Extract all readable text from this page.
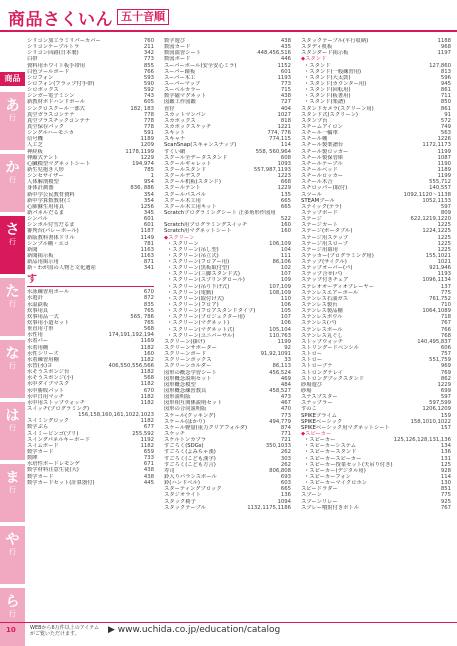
商品さくいん 五十音順
商品
あ
行
か
行
さ
行
た
行
な
行
は
行
ま
行
や
行
ら
行
シリコン加工ラミリパーカバー	760
シリコンケーブルトラ	211
シリコン回路(日本製)	342
白帯	773
資料用ホワイト板手帯用	855
白色ツールボード	766
シロフォン	593
シロフォン(フラップ付手帯)	590
シロボックス	592
シンガー電子ミシン	743
新教材ボドハンドボール	605
シンクロスクール一部式	182, 183
真空ガラスコンテナ	778
真空プラスチックコンテナ	778
真空保存パック	778
シングルハーモニカ	591
信号機	1189
人工芝	1209
神経板	1178,1199
伸縮式テント	1229
心臓模型マグネットシート	194,974
新生児抱き人形	785
シンセサイザー	1
人体解剖模型	954
身体計測器	836, 886
新中学公民教育資料	354
新中学算数教材(ミ	354
心肺蘇生用用具	1256
新パネルだるま	345
シンバル	601
シンボル付雪だるま	601
審判台(バレーボール)	1187
新版教科書体ドリル	1149
シンプル棚・エコ	781
新聞	1163
新聞掲示板	1163
新品用掲示用	871
新・わが国の人物と文化遺産	341
す
水泳練習用ボール	670
水遊計	872
水温鉄板	835
炊事用具	765
炊事用品一式	565, 786
炊事用小道セット	765
垂直用寸形	568
水性用	174,191,192,194
水着バー	1169
水着用棚	1182
水性シリーズ	160
水着練習用棚	1182
水替(水)ヨ	406,550,556,566
水そうスポンジ台	1182
水そうスポンジ(小)	568
水中ダイブマスク	1182
水中勝敗バット	670
水中日用マッチ	1182
水中用ストップウォッチ	1182
スイッチ(プログラミング)
156,158,160,161,1022,1023
スイミングロック	1182
数字ぶら	677
スイミービンゴ(プリ)	255,592
スイングパネルキーボード	1192
スイムボード	1182
数学カード	659
数陣	733
水培性ボードレモンゲ	671
数学材料注意生徒(大)	438
数学カード	438
数学カードセット(計算器付)	445
数字遊び	438
数図カード	435
数図演習シート	448,456,516
数図ボード	446
スーパーボール(安全安心ミラ)	1152
スーパー鏡板	601
スーパー木工	1193
スーパーマップ	773
スーペルカラー	715
数字磁マグネット	438
図鑑工作図鑑	727
直径	404
スカットマンパン	1027
スカポックス	818
スカポックスケッチ	1221
スキット	774, 776
スキャナ	774,115
ScanSnap(スキャンスナップ)	114
すくい網	558, 560,964
スクール全データスタンド	608
スクールギャレット	1093
スクールスタンド	557,987,1193
スクールデスク	1223
スクール机板(スタンド)	668
スクールテント	1229
スクールパスパル	135
スクール木工用	665
スクール木工用キット	665
Scratchプログラミングシート 正多角形作図用
522
Scratch用プログラミングスイッチ	160
Scratch用マグネットシート	160
◆スクリーン
・スクリーン	106,109
・スクリーン(吊し型)	104
・スクリーン(吊立式)	111
・スクリーン(フロアー用)	86,106
・スクリーン(黒板取付型)	102
・スクリーン(三脚スタンド式)	107
・スクリーン(スプリングロール)	109
・スクリーン(吊り下げ式)	107,109
・スクリーン(電動)	108,109
・スクリーン(取付け式)	110
・スクリーン(フロア)	106
・スクリーン(フロアスタンドタイプ)	105
・スクリーン(プロジェクター用)	107
・スクリーン(マグネット)	106
・スクリーン(マグネット式)	105,104
・スクリーン(ユニバーサル)	110,763
スクリーン(掛け)	1199
スクリーンサポーター	92
スクリーンボード	91,92,1091
スクリーンボックス	33
スクリーンホルダー	86,113
図形の概念学習シート	456,524
図形概念説明セット	469
図形概念模型	484
図形概念練習教具	458,527
図形説明版	473
図形相互関係説明セット	467
図形の合同説明版	470
スケール(クッキング)	773
スケール(はかり)	494,779
スケール軽量(重力クリアフォルダ)	874
スケッチ	771
スケルトンカプラ	721
すごろく(SDGs)	350,1033
すごろく(よみちゃ漢)	262
すごろく(こども漢字)	303
すごろく(こども方言)	262
寿司	806,808
鈴入りバランスボール	693
鈴(ハンドベル)	603
スターティングブロック	665
スタジオライト	136
スタック椅子	1094
スタックテーブル	1132,1175,1186
スタックテーブル(平行収納)	1188
スタディ机板	968
スタンダード掲示板	1197
◆スタンド
・スタンド	127,860
・スタンド(一般練習用)	813
・スタンド(大太鼓)	596
・スタンド(カウンター用)	945
・スタンド(回転用)	861
・スタンド(板書用)	711
・スタンド(楽譜)	850
スタンドカメラ(スクリーン用)	861
スタンド式(スクリーン)	91
スタンプ台	572
スチームアイロン	749
スチール一輪車	563
スチール棚	1226
スチール製楽譜台	1172,1173
スチール製ロッカー	1199
スチール製保管庫	1087
スチールテーブル	1190
スチールベッド	1189
スチールロッカー	1199
スチール木合	555,712
スチロッパー(取付)	140,557
スツール	1092,1120～1138
STEAMブール	1052,1133
ステイック(テラ)	597
ステップボード	809
ステージ	622,1219,1220
ステージカート	1225
ステージ(ポータブル)	1224,1225
ステージ用ステップ	1225
ステージ用スロープ	1225
ステージ用幕用	1225
ステッカー(プログラミング用)	155,1021
ステップ(サイクル)	1021
ステップオーバー(パ)	921,946
ステップ合せ(パ)	1193
ステップ付きチェア	1096,1134
ステレオオーディオプレーヤー	137
ステンレスエアーボール	775
ステンレス石油ガス	761,752
ステンレス製台	710
ステンレス製品棚	1064,1089
ステンレスボウル	718
ステンレス(パ)	767
ステンレスボール	766
ステンレス丸ぐし	768
ストップウォッチ	140,495,837
ストリングードペンシル	606
ストロー	757
ストロー	551,759
ストローブナ	969
ストロングテレイ	769
ストロングブックスタンド	862
砂場遊び	1229
砂場	699
スナスプスター	597
スナップラー	597,599
すのこ	1206,1209
SPIKEプライム	159
SPIKEベーシック	158,1010,1022
SPIKEベーシック用マグネットシート	157
◆スピーカー
・スピーカー	125,126,128,131,136
・スピーカーシステム	134
・スピーカースタンド	136
・スピーカースピーカー	131
・スピーカー授業セット(天吊り付き)	125
・スピーカー(デジタル用)	928
・スピーカーフォン	114
・スピーカーマイクロホン	130
スピードラダー	851
スプーン	775
スプーンリレー	925
スプレー噴射付きボトル	767
10	WEBから6万件以上のアイテムがご覧いただけます。	▶ www.uchida.co.jp/education/catalog
